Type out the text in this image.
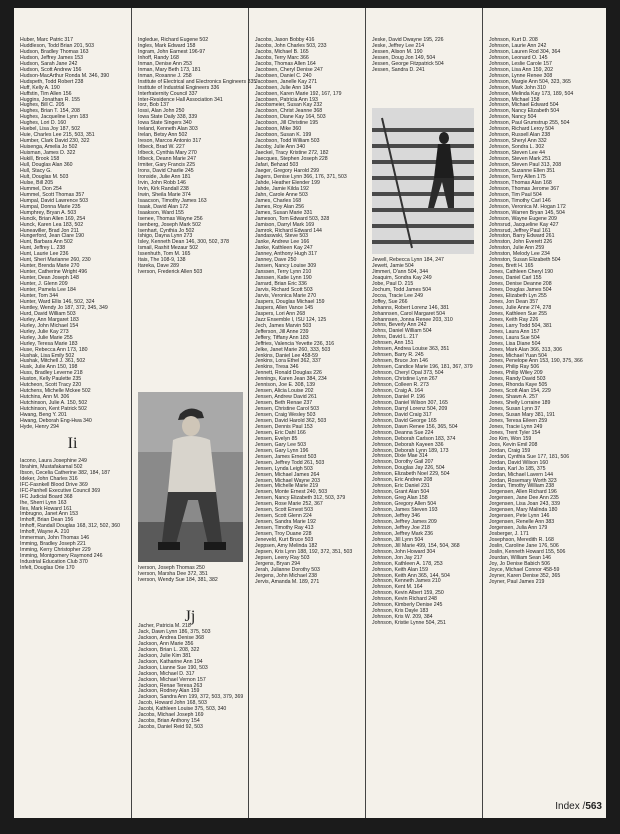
Huber, Marc Patric 317
Huddleson, Todd Brian 201, 503
Hudson, Bradley Thomas 163
Hudson, Jeffrey James 153
Hudson, Sarah Jane 242
Hudson, Scott Andrew 156
Hudson-MacArthur Ronda M. 346, 390
Hudspeth, Todd Robert 238
Huff, Kelly A. 190
Huffstin, Tim Allen 156
Huggins, Jonathan R. 155
Hughes, Bill C. 205
Hughes, Brian T. 154, 208
Hughes, Jacqueline Lynn 183
Hughes, Lori D. 160
Huebel, Lisa Joy 187, 502
Huie, Charles Lee 215, 503, 351
Humber, Clark David 230, 322
Huisenga, Amelia Jo 502
Huisman, James D. 322
Hukill, Brook 158
Hull, Douglas Alan 360
Hull, Stacy G.
Hult, Douglas M. 503
Hulse, Bill 205
Hummel, Don 254
Hummel, Scott Thomas 357
Humpal, David Lawrence 503
Humpal, Donna Marie 235
Humphrey, Bryan A. 503
Huncik, Brian Allen 169, 254
Hunck, Karen Lea 183, 502
Huneaviller, Brad Jon 211
Hungerford, Jean Clare 190
Hunt, Barbara Ann 502
Hunt, Jeffrey L. 238
Hunt, Laurie Lee 236
Hunt, Sheri Marianne 260, 230
Hunter, Brenda Marie 270
Hunter, Catherine Wright 496
Hunter, Dean Joseph 148
Hunter, J. Glenn 209
Hunter, Pamela Lee 184
Hunter, Tom 344
Hunter, Ward Ellis 146, 502, 324
Huntley, Wendy Jo 187, 372, 345, 349
Hurd, David William 503
Hurley, Ann Margaret 183
Hurley, John Michael 154
Hurley, Julie Kay 273
Hurley, Julie Marie 255
Hurley, Teresa Marie 183
Huse, Rebecca Ann 173, 180
Hushak, Lisa Emily 502
Hushak, Mitchell J. 361, 502
Husk, Julie Ann 150, 198
Huss, Bradley Leverne 218
Huston, Kelly Paulette 235
Hutcheon, Scott Tracy 220
Hutchens, Michelle Mckee 502
Hutchins, Ann M. 306
Hutchinson, Julie A. 150, 502
Hutchinson, Kent Patrick 502
Hwang, Beng Y. 201
Hwang, Deborah Eng-Hwa 340
Hyde, Henry 294
Ii
Iacono, Laura Josephine 249
Ibrahim, Mustafakamal 502
Ibson, Cecelia Catherine 382, 184, 187
Ideker, John Charles 316
IFC-Fasnkell Blood Drive 369
IFC-Panhell Executive Council 369
IFC Judicial Board 368
Ihe, Sherri Lynn 163
Iles, Mark Howard 161
Imbrugno, Janet Ann 153
Imhoff, Brian Dean 156
Imhoff, Randall Douglas 168, 312, 502, 360
Imhoff, Wayne A. 210
Immerman, John Thomas 146
Imming, Bradley Joseph 221
Imming, Kerry Christopher 229
Imming, Montgomery Raymond 246
Industrial Education Club 370
Infelt, Douglas Orie 170
Ingledue, Richard Eugene 502
Ingles, Mark Edward 158
Ingram, John Earnest 196-97
Inhoff, Randy 168
Inman, Denise Ann 253
Inman, Mary Beth 173, 181
Inman, Roxanne J. 258
Institute of Electrical and Electronics Engineers 335
Institute of Industrial Engineers 336
Interfraternity Council 337
Inter-Residence Hall Association 341
Iorz, Bob 137
Iossi, Alan John 250
Iowa State Daily 338, 339
Iowa State Singers 340
Ireland, Kenneth Alan 303
Irelan, Betsy Ann 502
Ireson, Marcos Antonio 317
Irlbeck, Brad W. 227
Irlbeck, Cynthia Mary 270
Irlbeck, Deann Marie 247
Irmiter, Gary Francis 225
Irons, David Charlie 245
Ironside, Julie Ann 181
Irvin, John Robb 146
Irvin, Kirk Randall 238
Irwin, Sheila Marie 374
Isaacson, Timothy James 163
Isaak, David Alan 172
Isaakson, Ward 155
Isenee, Thomas Wayne 256
Isenberg, Joseph Mark 502
Isenhart, Cynthia Jo 502
Ishigo, Dayna Lynn 273
Isley, Kenneth Dean 146, 300, 502, 378
Ismail, Rashit Mezaur 502
Issenhuth, Tom M. 165
Itais, The 108-9, 138
Itareka, Dave 289
Iverson, Frederick Allen 503
Iverson, Joseph Thomas 250
Iverson, Marsha Dee 372, 351
Iverson, Wendy Sue 184, 381, 382
Jj
Jacher, Patricia M. 218
Jack, Dawn Lynn 186, 375, 503
Jackson, Andrea Denise 368
Jackson, Ann Marie 356
Jackson, Brian L. 208, 322
Jackson, Julie Kim 381
Jackson, Katharine Ann 194
Jackson, Lianne Sue 190, 503
Jackson, Michael D. 317
Jackson, Michael Vernon 157
Jackson, Renae Teresa 263
Jackson, Rodney Alan 159
Jackson, Sandra Ann 199, 372, 503, 379, 369
Jacob, Howard John 168, 503
Jacobi, Kathleen Louise 375, 503, 340
Jacobs, Michael Joseph 169
Jacobs, Brian Anthony 154
Jacobs, Daniel Reid 92, 503
Jacobs, Jason Bobby 416
Jacobs, John Charles 503, 233
Jacobs, Michael B. 165
Jacobs, Terry Marc 366
Jacobs, Thomas Allen 164
Jacobsen, Cheryl Denise 247
Jacobsen, Daniel C. 240
Jacobsen, Janelle Kay 271
Jacobsen, Julie Ann 184
Jacobsen, Karen Marie 192, 167, 179
Jacobsen, Patricia Ann 193
Jacobsmeier, Susan Kay 232
Jacobson, Christ Jeanne 368
Jacobson, Diane Kay 164, 503
Jacobson, Jill Christine 195
Jacobson, Mike 360
Jacobson, Susan K. 199
Jacobson, Todd William 503
Jacoby, Julie Ann 340
Jaeckel, Tracy Kristine 272, 182
Jaecques, Stephen Joseph 228
Jafari, Behzad 503
Jaeger, Gregory Harold 299
Jagers, Denise Lynn 366, 176, 371, 503
Jahde, Heather Elender 199
Jahde, Jamie Kilda 192
Jahn, Carole Anne 503
James, Charles 168
James, Roy Alan 256
James, Susan Marie 331
Jameson, Tom Edward 503, 328
Jamison, Darryl Mark 169
Jamrok, Richard Edward 144
Jandaswski, Steve 503
Janke, Andrew Lee 166
Janke, Kathleen Kay 247
Janney, Anthony Hugh 317
Janney, Dave 250
Jansen, Nancy Louise 309
Janssen, Terry Lynn 210
Janssen, Katie Lynn 190
Jarrard, Brian Eric 336
Jarvis, Richard Scott 503
Jarvis, Veronica Marie 270
Jaspers, Douglas Michael 159
Jaspers, Allen Vance 145
Jaspers, Lori Ann 268
Jazz Ensemble I, ISU 124, 125
Jech, James Marvin 503
Jefferson, Jill Anne 239
Jeffery, Tiffany Ann 183
Jeffries, Valencia Yevette 236, 316
Jelke, Janet Marie 260, 333, 503
Jenkins, Daniel Lee 458-59
Jenkins, Lora Ethel 362, 337
Jenkins, Tresa 346
Jennett, Ronald Douglas 226
Jennings, Karen Jean 384, 234
Jennison, Joe E. 308, 139
Jensen, Alicia Louise 202
Jensen, Andrew David 261
Jensen, Beth Renae 237
Jensen, Christine Carol 503
Jensen, Craig Wesley 503
Jensen, David Harold 362, 503
Jensen, Dennis Paul 153
Jensen, Eric Dahl 166
Jensen, Evelyn 85
Jensen, Gary Lee 503
Jensen, Gary Lynn 196
Jensen, James Ernest 503
Jensen, Jeffrey Todd 261, 503
Jensen, Lynda Leigh 503
Jensen, Michael James 264
Jensen, Michael Wayne 203
Jensen, Michelle Marie 219
Jensen, Monte Ernest 240, 503
Jensen, Nancy Elizabeth 312, 503, 379
Jensen, Rose Marie 252, 367
Jensen, Scott Ernest 503
Jensen, Scott Glenn 224
Jensen, Sandra Marie 192
Jensen, Timothy Ray 413
Jensen, Troy Duane 228
Jeneveld, Kurt Bruce 503
Jeppsen, Amy Melinda 182
Jepsen, Kris Lynn 188, 192, 372, 351, 503
Jepsen, Leeny Ray 503
Jergens, Bryan 294
Jerah, Julianne Dorothy 503
Jergens, John Michael 238
Jervis, Amanda M. 189, 271
Jeske, David Dwayne 195, 226
Jeske, Jeffrey Lee 214
Jessen, Alison M. 190
Jessen, Doug Jon 149, 504
Jessen, George Fitzpatrick 504
Jessen, Sandra D. 241
Jewell, Rebecca Lynn 184, 247
Jewett, Jamie 504
Jimmeri, D'ann 504, 344
Joaquim, Sondra Kay 249
Jobe, Paul D. 215
Jochum, Todd James 504
Jocoa, Tracie Lee 249
Joffey, Sue 266
Johanns, Robert Lorenz 146, 381
Johannsen, Carol Margaret 504
Johannsen, Jonna Renee 203, 310
Johns, Beverly Ann 242
Johns, Daniel William 504
Johns, David L. 217
Johnsen, Ann 151
Johnsen, Andrea Louise 363, 351
Johnsen, Barry R. 245
Johnsen, Bruce Jon 146
Johnsen, Candice Marie 196, 181, 367, 379
Johnson, Cheryl Opal 373, 504
Johnson, Christine Lynn 267
Johnson, Colleen R. 273
Johnson, Craig A. 164
Johnson, Daniel P. 196
Johnson, Daniel Wilson 307, 165
Johnson, Darryl Lorenz 504, 209
Johnson, David Craig 317
Johnson, David George 165
Johnson, Dawn Renee 156, 365, 504
Johnson, Deanna Sue 224
Johnson, Deborah Carlson 183, 374
Johnson, Deborah Kayeen 336
Johnson, Deborah Lynn 189, 173
Johnson, Dixie Mae 314
Johnson, Dorothy Gail 207
Johnson, Douglas Jay 226, 504
Johnson, Elizabeth Noel 229, 504
Johnson, Eric Andrew 208
Johnson, Eric Daniel 231
Johnson, Grant Alan 504
Johnson, Greg Alan 158
Johnson, Gregory Allen 504
Johnson, James Steven 193
Johnson, Jeffrey 346
Johnson, Jeffrey James 209
Johnson, Jeffrey Joe 218
Johnson, Jeffrey Mark 236
Johnson, Jill Lynn 504
Johnson, Jill Marie 499, 154, 504, 368
Johnson, John Howard 304
Johnson, Jon Jay 217
Johnson, Kathleen A. 178, 253
Johnson, Keith Alan 159
Johnson, Keith Ann 365, 144, 504
Johnson, Kenneth James 210
Johnson, Kent M. 164
Johnson, Kevin Albert 159, 250
Johnson, Kevin Richard 248
Johnson, Kimberly Denise 245
Johnson, Kris Dayle 183
Johnson, Kris W. 209, 384
Johnson, Kristie Lynne 504, 251
Johnson, Kurt D. 208
Johnson, Laurie Ann 242
Johnson, Lauren Rod 304, 364
Johnson, Leonard O. 145
Johnson, Leslie Carole 157
Johnson, Lisa Ann 159, 202
Johnson, Lynne Renee 308
Johnson, Margie Ann 504, 323, 365
Johnson, Mark John 310
Johnson, Melinda Kay 173, 189, 504
Johnson, Michael 158
Johnson, Michael Edward 504
Johnson, Nancy Elizabeth 504
Johnson, Nancy 504
Johnson, Paul Grumstrup 255, 504
Johnson, Richard Leroy 504
Johnson, Russell Alan 238
Johnson, Sheryl Ann 332
Johnson, Sondra L. 302
Johnson, Steven Lee 44
Johnson, Steven Mark 251
Johnson, Steven Paul 313, 208
Johnson, Suzanne Ellen 351
Johnson, Terry Allen 175
Johnson, Thomas Alan 168
Johnson, Thomas Jerome 367
Johnson, Tim Paul 504
Johnson, Timothy Carl 146
Johnson, Veronica M. Hogan 172
Johnson, Warren Bryan 145, 504
Johnson, Wayne Eugene 209
Johnsrud, Jacqueline Kay 427
Johnsrud, Jeffrey Paul 161
Johnston, Barry Edward 261
Johnston, John Everett 226
Johnston, Julie Ann 259
Johnston, Melody Lee 234
Johnston, Susan Elizabeth 504
Jones, Brett H. 165
Jones, Cathleen Cheryl 190
Jones, Daniel Carl 155
Jones, Denise Deanne 208
Jones, Douglas James 504
Jones, Elizabeth Lyn 255
Jones, Jon Dean 357
Jones, Julie Anne 274, 278
Jones, Kathleen Sue 255
Jones, Keith Ray 226
Jones, Larry Todd 504, 381
Jones, Laura Ann 157
Jones, Laura Sue 504
Jones, Lisa Diane 504
Jones, Mark Alan 366, 313, 306
Jones, Michael Yuan 504
Jones, Penelope Ann 153, 190, 375, 366
Jones, Philip Ray 506
Jones, Philip Wiley 209
Jones, Randy David 503
Jones, Rhonda Kaye 505
Jones, Scott Alan 154, 229
Jones, Shawn A. 257
Jones, Shelly Lorraine 189
Jones, Susan Lynn 37
Jones, Susan Mary 381, 191
Jones, Teresa Eileen 259
Jones, Tracie Lynn 249
Jones, Trent Tyler 154
Joo Kim, Won 159
Joos, Kevin Emil 208
Jordan, Craig 159
Jordan, Cynthia Sue 177, 181, 506
Jordan, David Wilson 160
Jordan, Karl Jo 185, 375
Jordan, Michael Lavern 144
Jordan, Rosemary Worth 323
Jordan, Timothy William 238
Jorgensen, Allen Richard 196
Jorgensen, Jane Dee Ann 235
Jorgensen, Lisa Joan 243, 339
Jorgensen, Mary Malinda 180
Jorgensen, Pete Lynn 146
Jorgensen, Renelle Ann 383
Jorgensen, Julia Ann 179
Josberger, J. 171
Josephson, Meredith R. 168
Joslin, Caroline Jane 176, 506
Joslin, Kenneth Howard 155, 506
Jourdan, William Sean 146
Joy, Jo Denise Babich 506
Joyce, Michael Connor 458-59
Joyner, Karen Denise 352, 365
Joyner, Paul James 219
Index /563
